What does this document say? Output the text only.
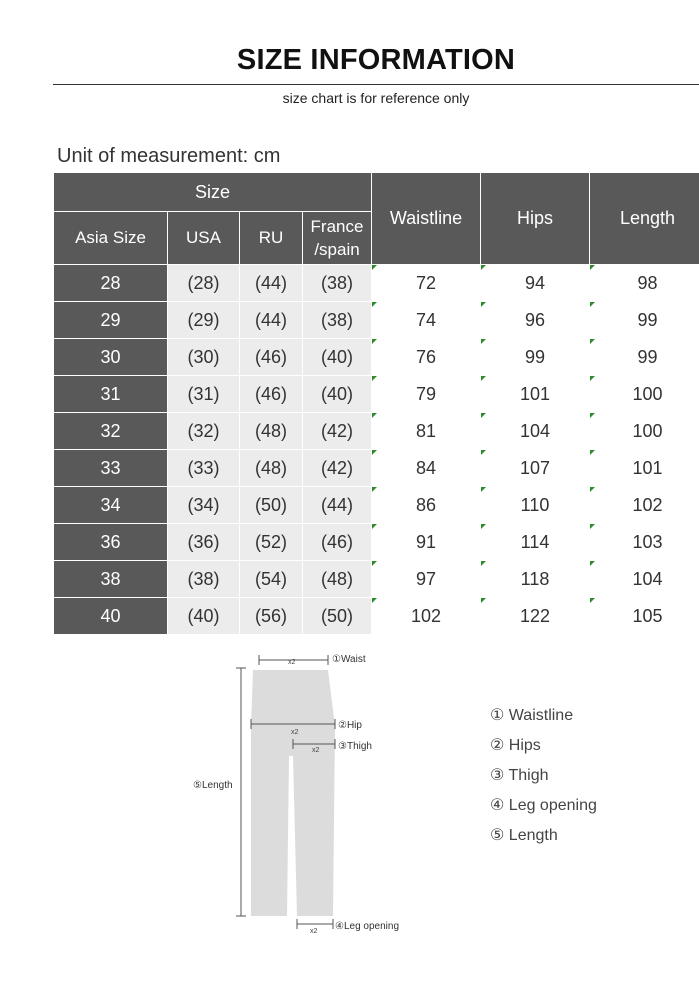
SIZE INFORMATION
size chart is for reference only
Unit of measurement: cm
Size				Waistline	Hips	Length
Asia Size	USA	RU	France /spain			
28	(28)	(44)	(38)	72	94	98
29	(29)	(44)	(38)	74	96	99
30	(30)	(46)	(40)	76	99	99
31	(31)	(46)	(40)	79	101	100
32	(32)	(48)	(42)	81	104	100
33	(33)	(48)	(42)	84	107	101
34	(34)	(50)	(44)	86	110	102
36	(36)	(52)	(46)	91	114	103
38	(38)	(54)	(48)	97	118	104
40	(40)	(56)	(50)	102	122	105
x2	①Waist
x2
②Hip
x2 ③Thigh
⑤Length
x2 ④Leg opening
① Waistline
② Hips
③ Thigh
④ Leg opening
⑤ Length
